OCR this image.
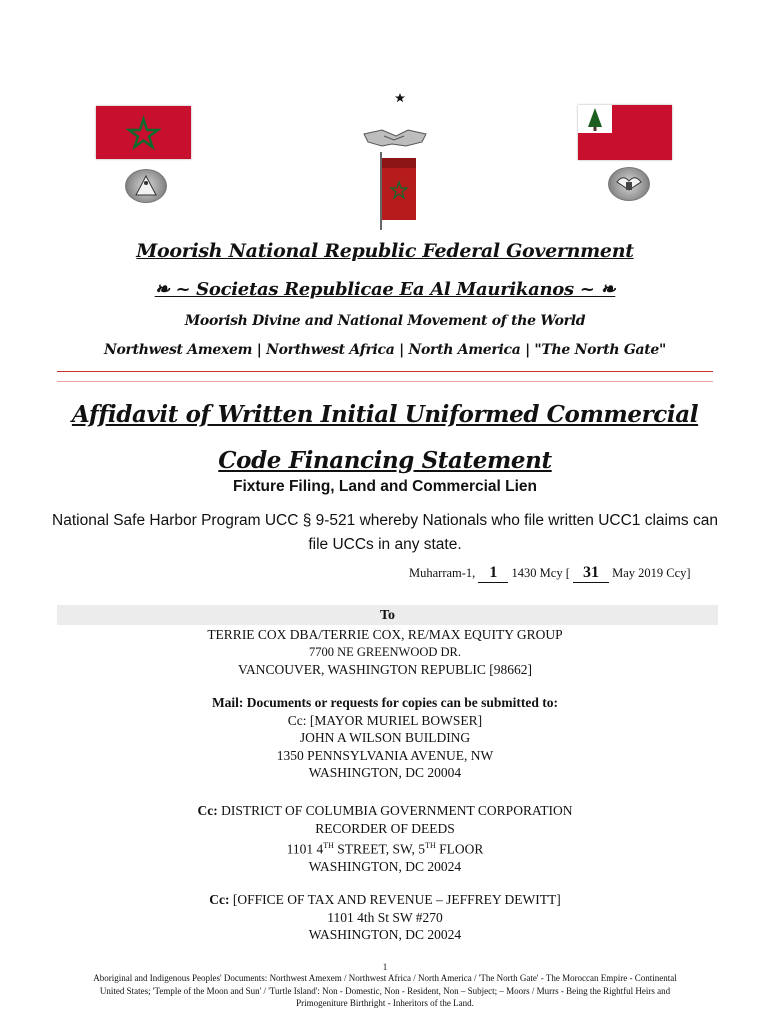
Moorish National Republic Federal Government
❧ ~ Societas Republicae Ea Al Maurikanos ~ ❧
Moorish Divine and National Movement of the World
Northwest Amexem | Northwest Africa | North America | "The North Gate"
Affidavit of Written Initial Uniformed Commercial Code Financing Statement
Fixture Filing, Land and Commercial Lien
National Safe Harbor Program UCC § 9-521 whereby Nationals who file written UCC1 claims can file UCCs in any state.
Muharram-1, 1 1430 Mcy [ 31 May 2019 Ccy]
To
TERRIE COX DBA/TERRIE COX, RE/MAX EQUITY GROUP
7700 NE GREENWOOD DR.
VANCOUVER, WASHINGTON REPUBLIC [98662]
Mail: Documents or requests for copies can be submitted to:
Cc: [MAYOR MURIEL BOWSER]
JOHN A WILSON BUILDING
1350 PENNSYLVANIA AVENUE, NW
WASHINGTON, DC 20004
Cc: DISTRICT OF COLUMBIA GOVERNMENT CORPORATION
RECORDER OF DEEDS
1101 4TH STREET, SW, 5TH FLOOR
WASHINGTON, DC 20024
Cc: [OFFICE OF TAX AND REVENUE – JEFFREY DEWITT]
1101 4th St SW #270
WASHINGTON, DC 20024
1
Aboriginal and Indigenous Peoples' Documents: Northwest Amexem / Northwest Africa / North America / 'The North Gate' - The Moroccan Empire - Continental United States; 'Temple of the Moon and Sun' / 'Turtle Island': Non - Domestic, Non - Resident, Non – Subject; – Moors / Murrs - Being the Rightful Heirs and Primogeniture Birthright - Inheritors of the Land.
